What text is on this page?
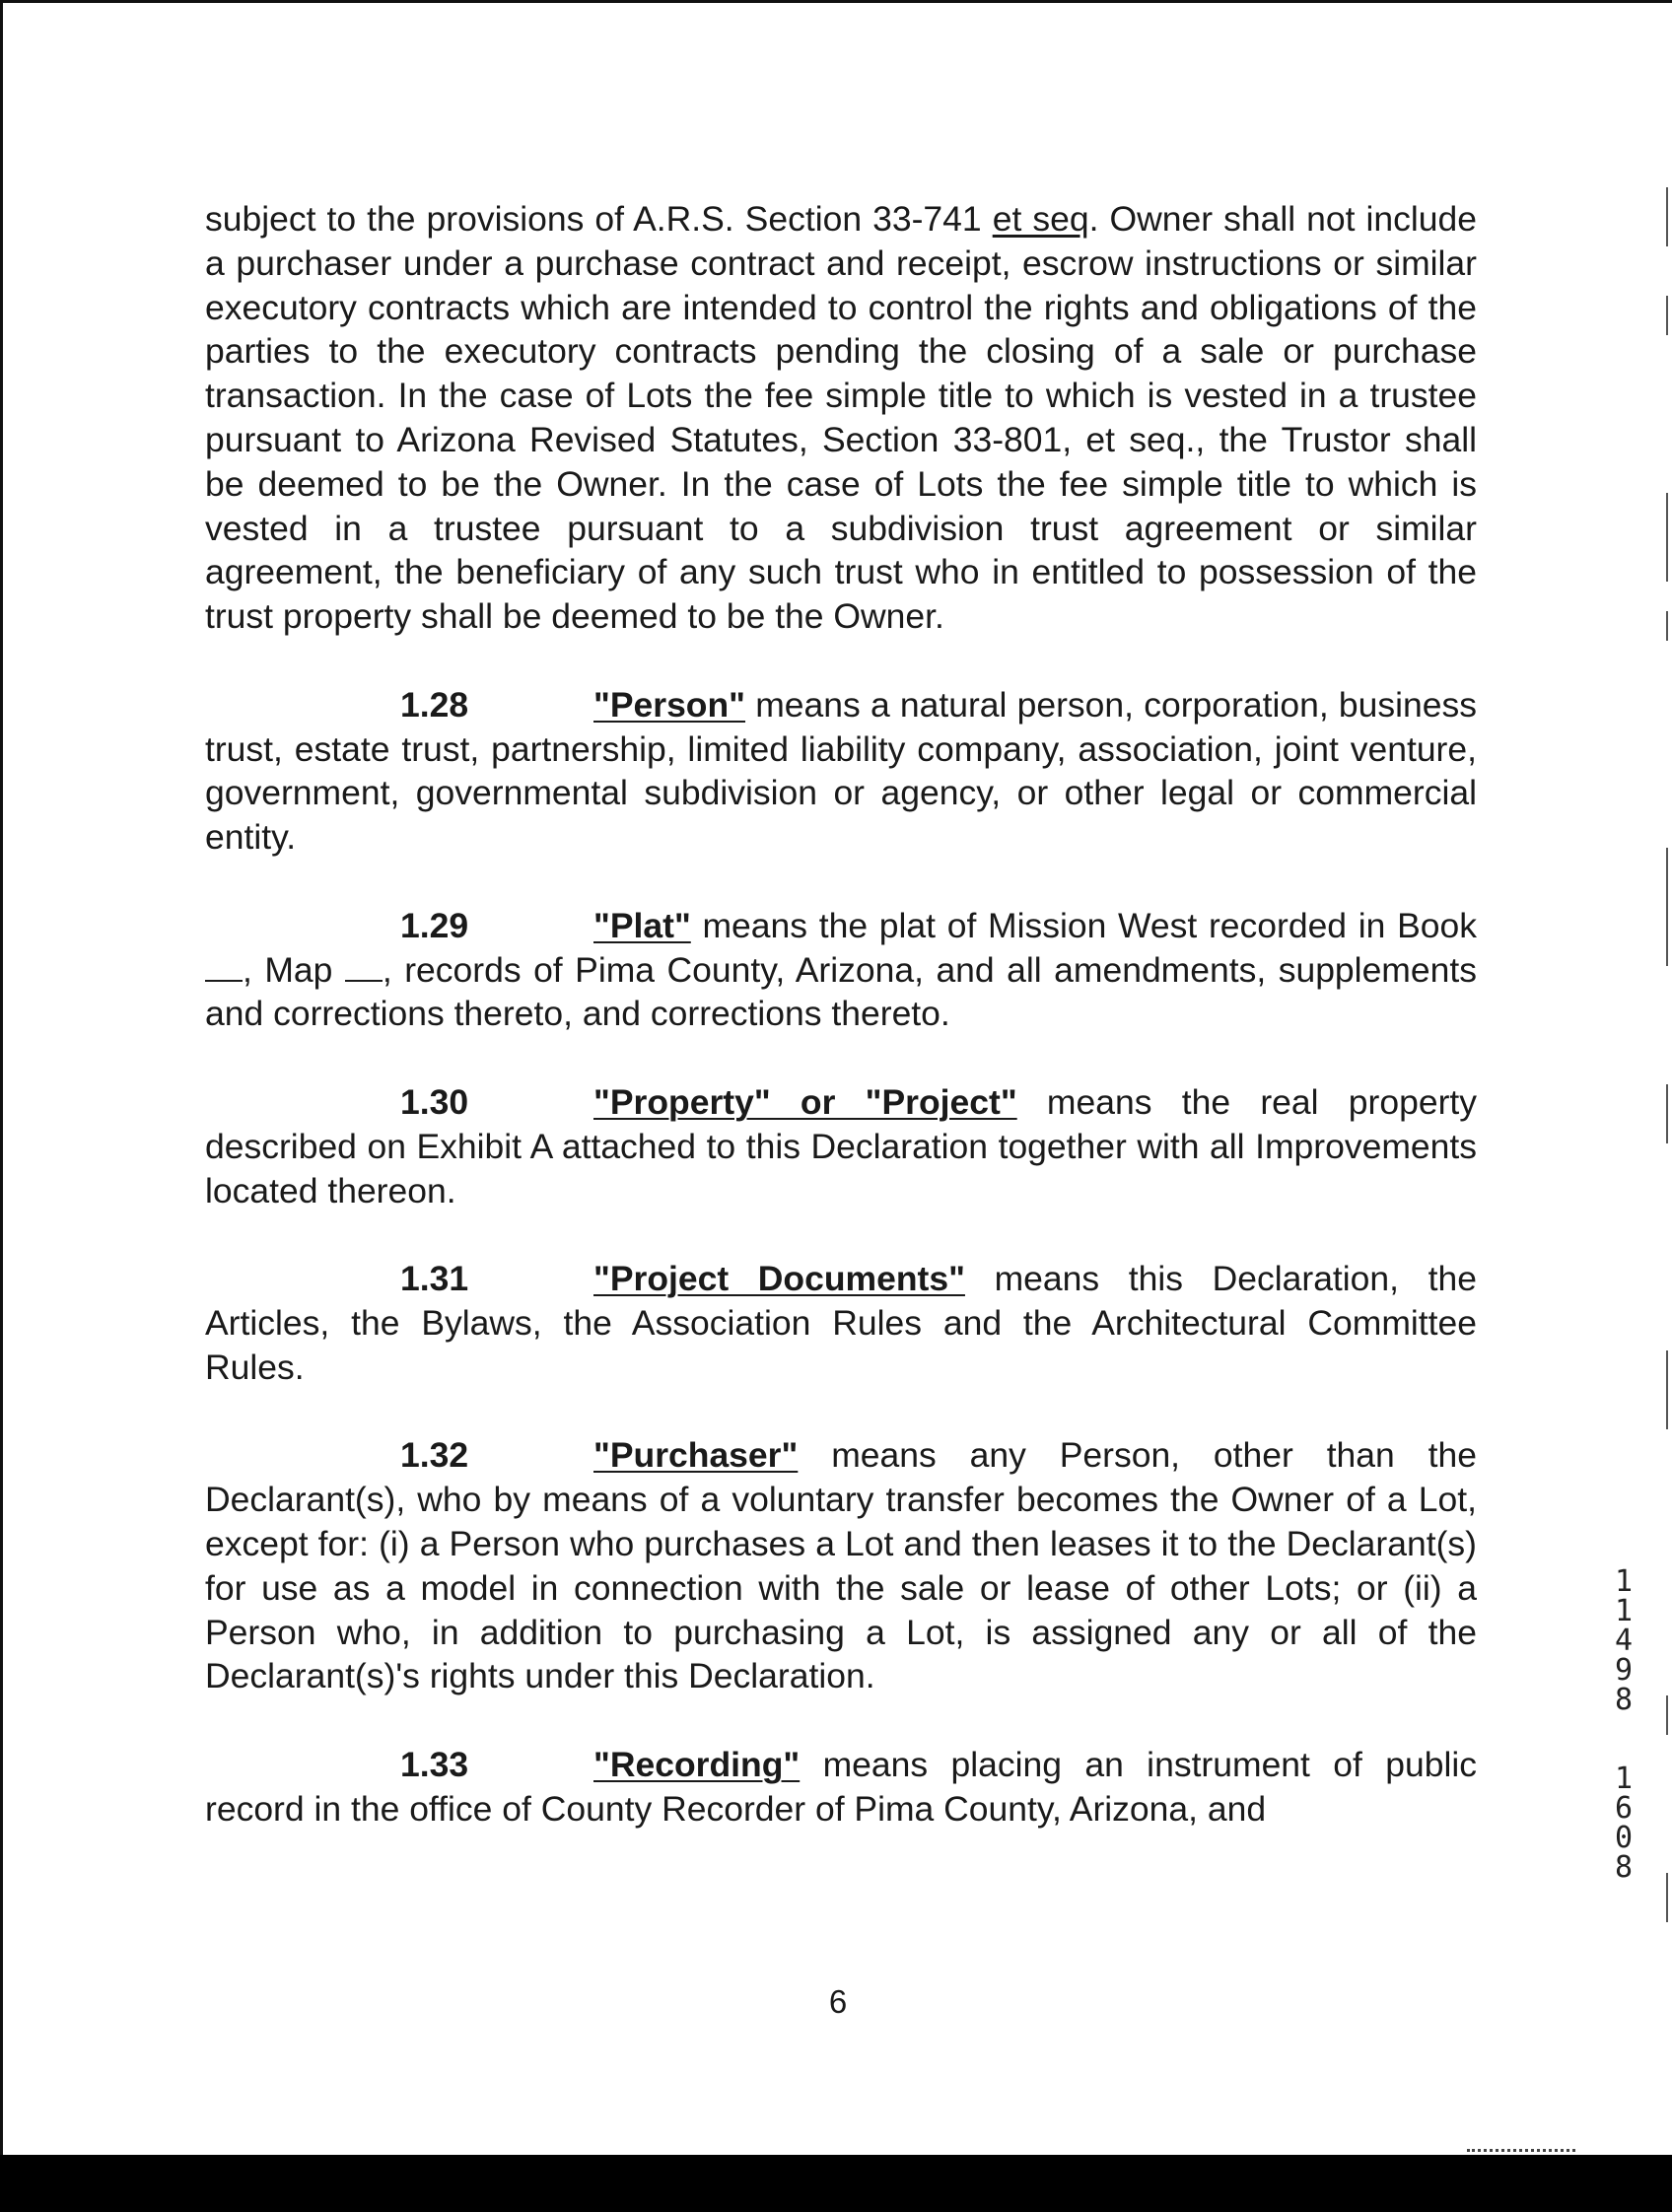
subject to the provisions of A.R.S. Section 33-741 et seq. Owner shall not include a purchaser under a purchase contract and receipt, escrow instructions or similar executory contracts which are intended to control the rights and obligations of the parties to the executory contracts pending the closing of a sale or purchase transaction. In the case of Lots the fee simple title to which is vested in a trustee pursuant to Arizona Revised Statutes, Section 33-801, et seq., the Trustor shall be deemed to be the Owner. In the case of Lots the fee simple title to which is vested in a trustee pursuant to a subdivision trust agreement or similar agreement, the beneficiary of any such trust who in entitled to possession of the trust property shall be deemed to be the Owner.

1.28	"Person" means a natural person, corporation, business trust, estate trust, partnership, limited liability company, association, joint venture, government, governmental subdivision or agency, or other legal or commercial entity.

1.29	"Plat" means the plat of Mission West recorded in Book , Map , records of Pima County, Arizona, and all amendments, supplements and corrections thereto, and corrections thereto.

1.30	"Property" or "Project" means the real property described on Exhibit A attached to this Declaration together with all Improvements located thereon.

1.31	"Project Documents" means this Declaration, the Articles, the Bylaws, the Association Rules and the Architectural Committee Rules.

1.32	"Purchaser" means any Person, other than the Declarant(s), who by means of a voluntary transfer becomes the Owner of a Lot, except for: (i) a Person who purchases a Lot and then leases it to the Declarant(s) for use as a model in connection with the sale or lease of other Lots; or (ii) a Person who, in addition to purchasing a Lot, is assigned any or all of the Declarant(s)'s rights under this Declaration.

1.33	"Recording" means placing an instrument of public record in the office of County Recorder of Pima County, Arizona, and

6
11498
1608
